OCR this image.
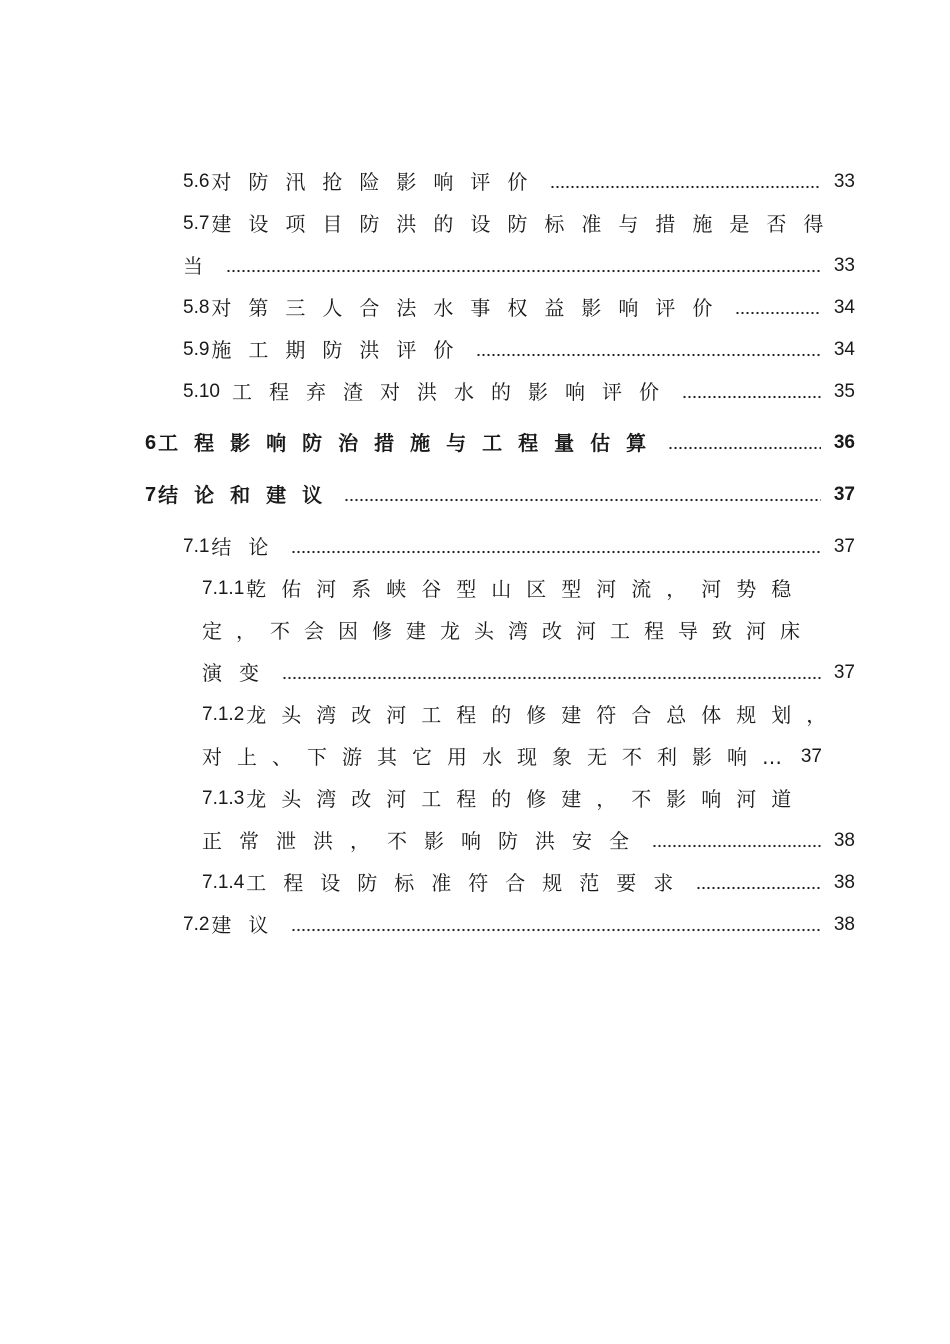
5.6 对防汛抢险影响评价	33
5.7 建设项目防洪的设防标准与措施是否得
当	33
5.8 对第三人合法水事权益影响评价	34
5.9 施工期防洪评价	34
5.10 工程弃渣对洪水的影响评价	35
6 工程影响防治措施与工程量估算	36
7 结论和建议	37
7.1 结论	37
7.1.1 乾佑河系峡谷型山区型河流，河势稳
定，不会因修建龙头湾改河工程导致河床
演变	37
7.1.2 龙头湾改河工程的修建符合总体规划，
对上、下游其它用水现象无不利影响 … 37
7.1.3 龙头湾改河工程的修建，不影响河道
正常泄洪，不影响防洪安全	38
7.1.4 工程设防标准符合规范要求	38
7.2 建议	38
